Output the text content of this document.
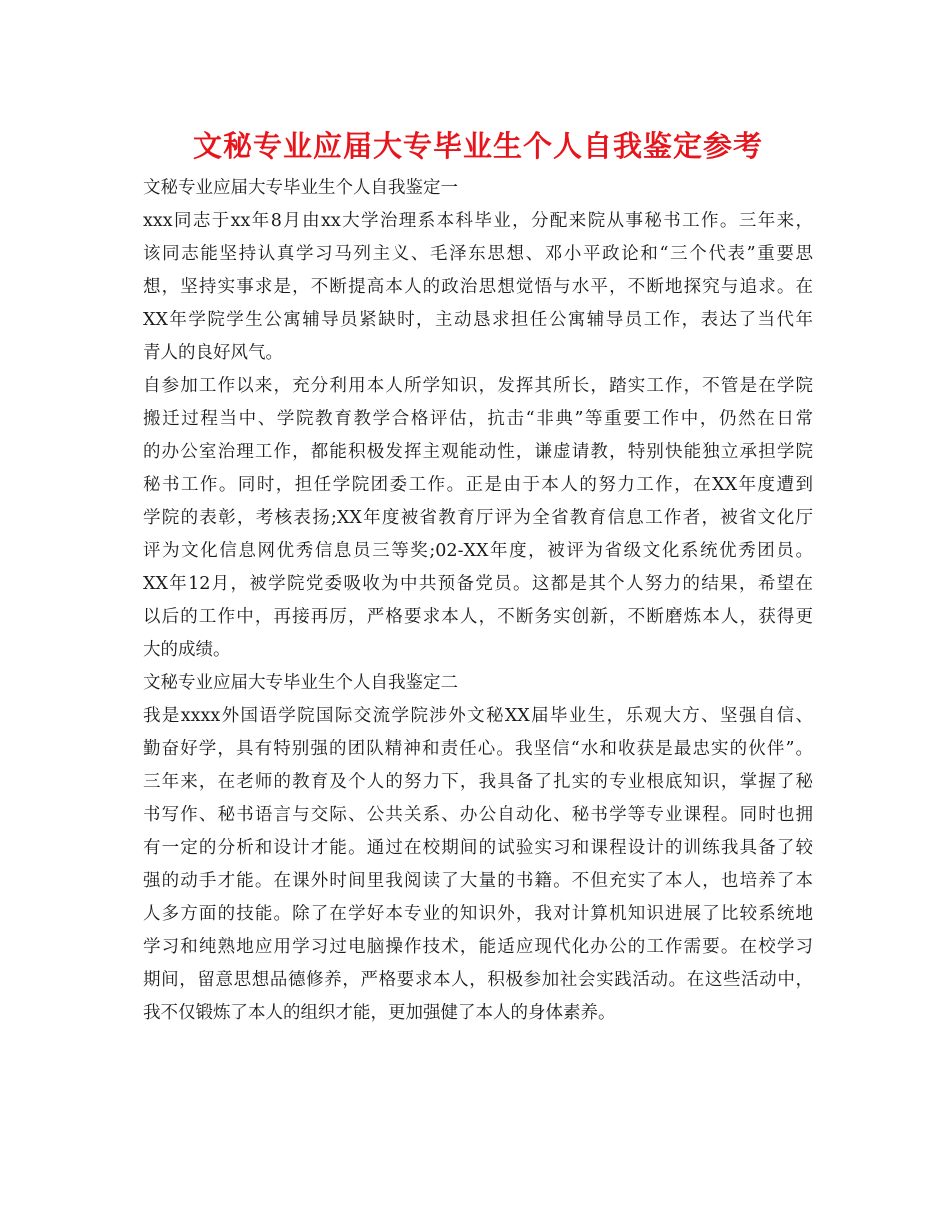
文秘专业应届大专毕业生个人自我鉴定参考
文秘专业应届大专毕业生个人自我鉴定一
xxx同志于xx年8月由xx大学治理系本科毕业，分配来院从事秘书工作。三年来，
该同志能坚持认真学习马列主义、毛泽东思想、邓小平政论和“三个代表”重要思
想，坚持实事求是，不断提高本人的政治思想觉悟与水平，不断地探究与追求。在
XX年学院学生公寓辅导员紧缺时，主动恳求担任公寓辅导员工作，表达了当代年
青人的良好风气。
自参加工作以来，充分利用本人所学知识，发挥其所长，踏实工作，不管是在学院
搬迁过程当中、学院教育教学合格评估，抗击“非典”等重要工作中，仍然在日常
的办公室治理工作，都能积极发挥主观能动性，谦虚请教，特别快能独立承担学院
秘书工作。同时，担任学院团委工作。正是由于本人的努力工作，在XX年度遭到
学院的表彰，考核表扬;XX年度被省教育厅评为全省教育信息工作者，被省文化厅
评为文化信息网优秀信息员三等奖;02-XX年度，被评为省级文化系统优秀团员。
XX年12月，被学院党委吸收为中共预备党员。这都是其个人努力的结果，希望在
以后的工作中，再接再厉，严格要求本人，不断务实创新，不断磨炼本人，获得更
大的成绩。
文秘专业应届大专毕业生个人自我鉴定二
我是xxxx外国语学院国际交流学院涉外文秘XX届毕业生，乐观大方、坚强自信、
勤奋好学，具有特别强的团队精神和责任心。我坚信“水和收获是最忠实的伙伴”。
三年来，在老师的教育及个人的努力下，我具备了扎实的专业根底知识，掌握了秘
书写作、秘书语言与交际、公共关系、办公自动化、秘书学等专业课程。同时也拥
有一定的分析和设计才能。通过在校期间的试验实习和课程设计的训练我具备了较
强的动手才能。在课外时间里我阅读了大量的书籍。不但充实了本人，也培养了本
人多方面的技能。除了在学好本专业的知识外，我对计算机知识进展了比较系统地
学习和纯熟地应用学习过电脑操作技术，能适应现代化办公的工作需要。在校学习
期间，留意思想品德修养，严格要求本人，积极参加社会实践活动。在这些活动中，
我不仅锻炼了本人的组织才能，更加强健了本人的身体素养。
